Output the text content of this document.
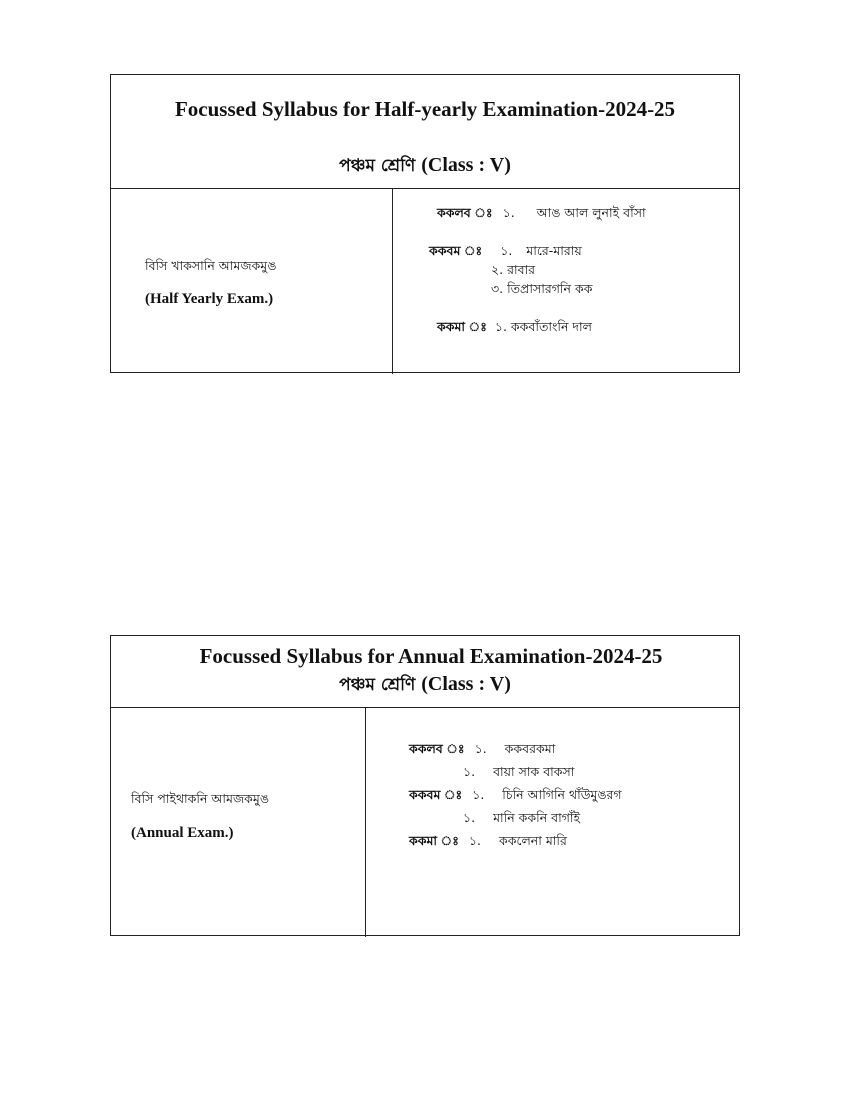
Focussed Syllabus for Half-yearly Examination-2024-25
পঞ্চম শ্রেণি (Class : V)
বিসি খাকসানি আমজকমুঙ
(Half Yearly Exam.)
ককলব ঃ ১. আঙ আল লুনাই বাঁসা
ককবম ঃ ১. মারে-মারায়
২. রাবার
৩. তিপ্রাসারগনি কক
ককমা ঃ ১. ককবাঁতাংনি দাল
Focussed Syllabus for Annual Examination-2024-25
পঞ্চম শ্রেণি (Class : V)
বিসি পাইথাকনি আমজকমুঙ
(Annual Exam.)
ককলব ঃ ১. ককবরকমা
১. বায়া সাক বাকসা
ককবম ঃ ১. চিনি আগিনি থাঁউমুঙরগ
১. মানি ককনি বাগাঁই
ককমা ঃ ১. ককলেনা মারি
